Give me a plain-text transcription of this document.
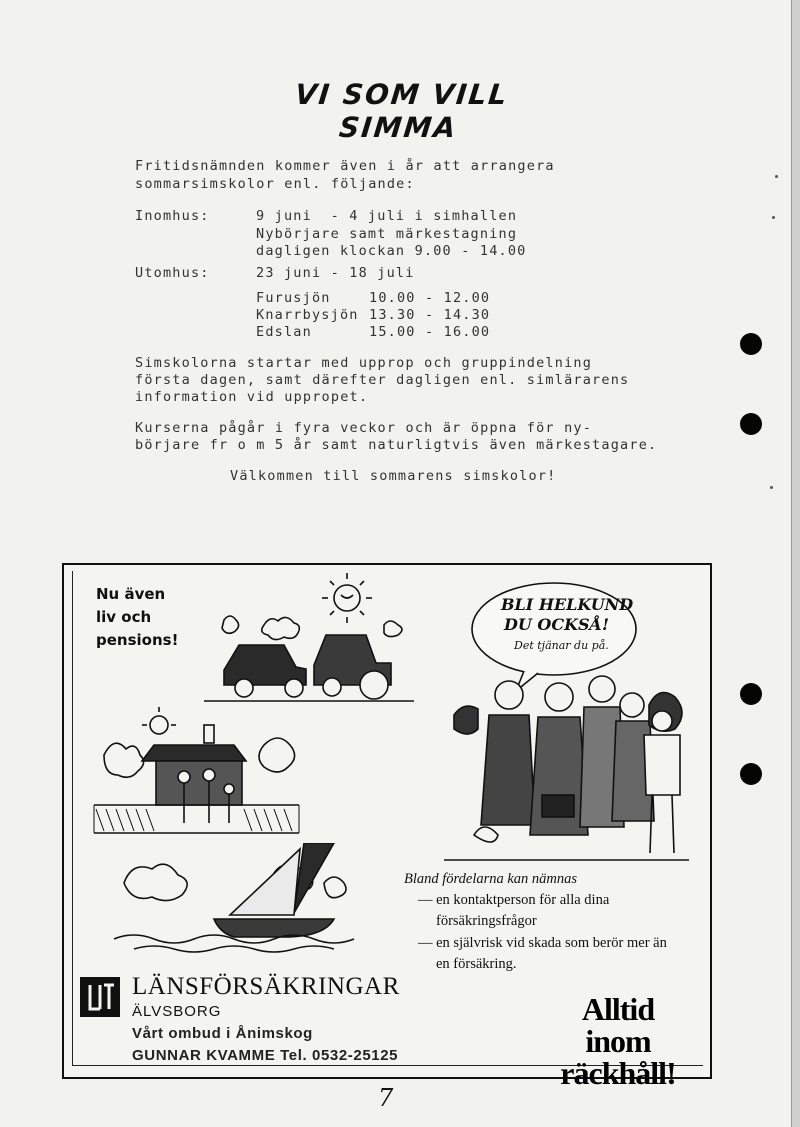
VI SOM VILL SIMMA
Fritidsnämnden kommer även i år att arrangera
sommarsimskolor enl. följande:
Inomhus:	9 juni  - 4 juli i simhallen
Nybörjare samt märkestagning
dagligen klockan 9.00 - 14.00
Utomhus:	23 juni - 18 juli
Furusjön	10.00 - 12.00
Knarrbysjön 13.30 - 14.30
Edslan	15.00 - 16.00
Simskolorna startar med upprop och gruppindelning
första dagen, samt därefter dagligen enl. simlärarens
information vid uppropet.
Kurserna pågår i fyra veckor och är öppna för ny-
börjare fr o m 5 år samt naturligtvis även märkestagare.
Välkommen till sommarens simskolor!
Nu även
liv och
pensions!
BLI HELKUND
DU OCKSÅ!
Det tjänar du på.
Bland fördelarna kan nämnas
— en kontaktperson för alla dina
försäkringsfrågor
— en självrisk vid skada som berör mer än
en försäkring.
LÄNSFÖRSÄKRINGAR
ÄLVSBORG
Vårt ombud i Ånimskog
GUNNAR KVAMME Tel. 0532-25125
Alltid
inom
räckhåll!
7
